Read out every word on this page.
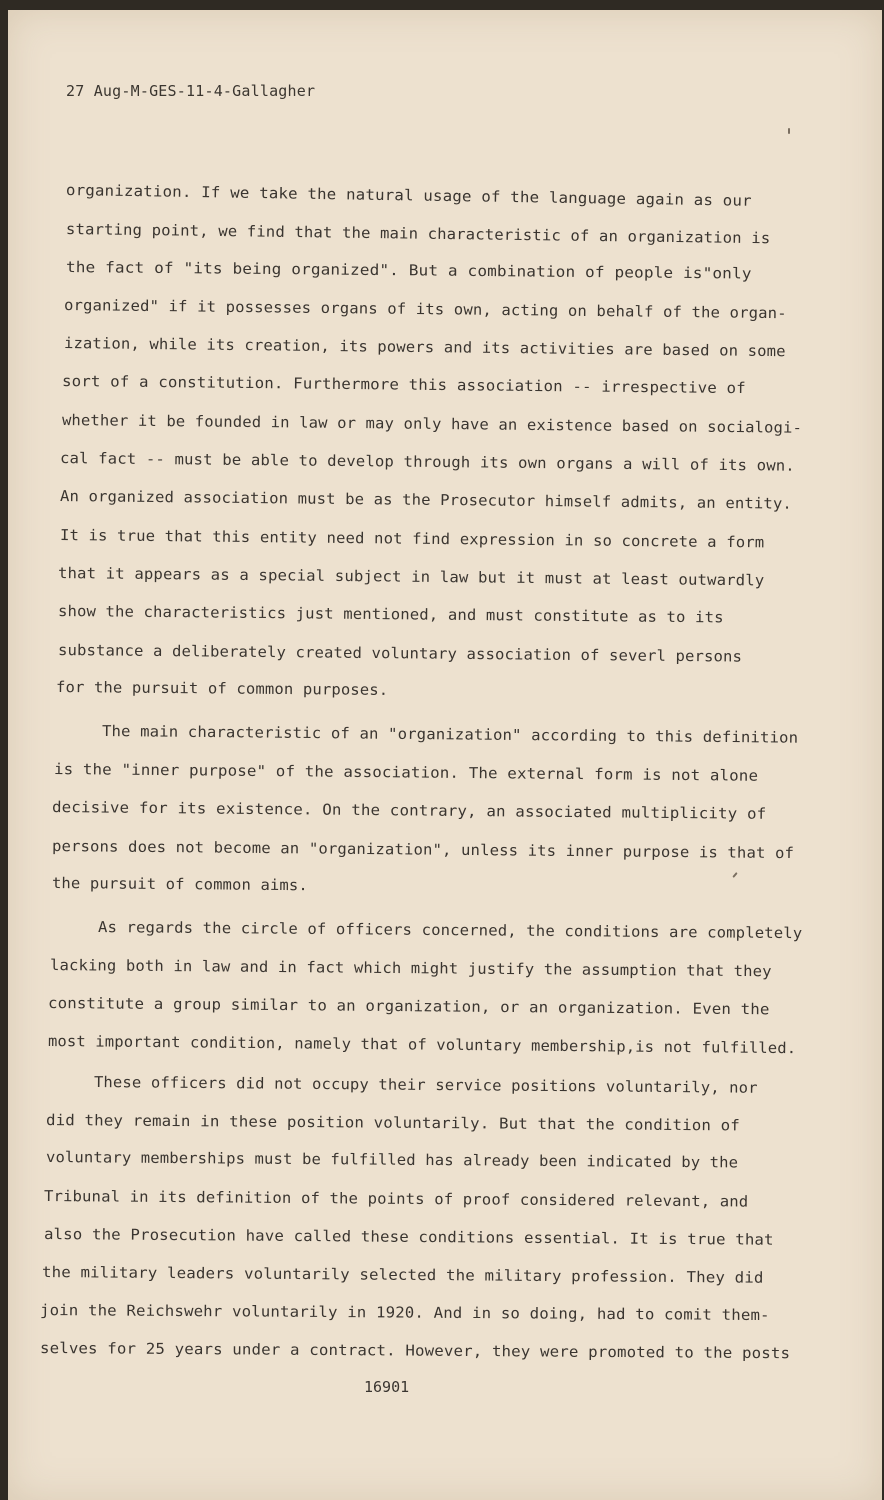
27 Aug-M-GES-11-4-Gallagher
organization. If we take the natural usage of the language again as our
starting point, we find that the main characteristic of an organization is
the fact of "its being organized". But a combination of people is"only
organized" if it possesses organs of its own, acting on behalf of the organ-
ization, while its creation, its powers and its activities are based on some
sort of a constitution. Furthermore this association -- irrespective of
whether it be founded in law or may only have an existence based on socialogi-
cal fact -- must be able to develop through its own organs a will of its own.
An organized association must be as the Prosecutor himself admits, an entity.
It is true that this entity need not find expression in so concrete a form
that it appears as a special subject in law but it must at least outwardly
show the characteristics just mentioned, and must constitute as to its
substance a deliberately created voluntary association of severl persons
for the pursuit of common purposes.
The main characteristic of an "organization" according to this definition
is the "inner purpose" of the association. The external form is not alone
decisive for its existence. On the contrary, an associated multiplicity of
persons does not become an "organization", unless its inner purpose is that of
the pursuit of common aims.
As regards the circle of officers concerned, the conditions are completely
lacking both in law and in fact which might justify the assumption that they
constitute a group similar to an organization, or an organization. Even the
most important condition, namely that of voluntary membership,is not fulfilled.
These officers did not occupy their service positions voluntarily, nor
did they remain in these position voluntarily. But that the condition of
voluntary memberships must be fulfilled has already been indicated by the
Tribunal in its definition of the points of proof considered relevant, and
also the Prosecution have called these conditions essential. It is true that
the military leaders voluntarily selected the military profession. They did
join the Reichswehr voluntarily in 1920. And in so doing, had to comit them-
selves for 25 years under a contract. However, they were promoted to the posts
16901
